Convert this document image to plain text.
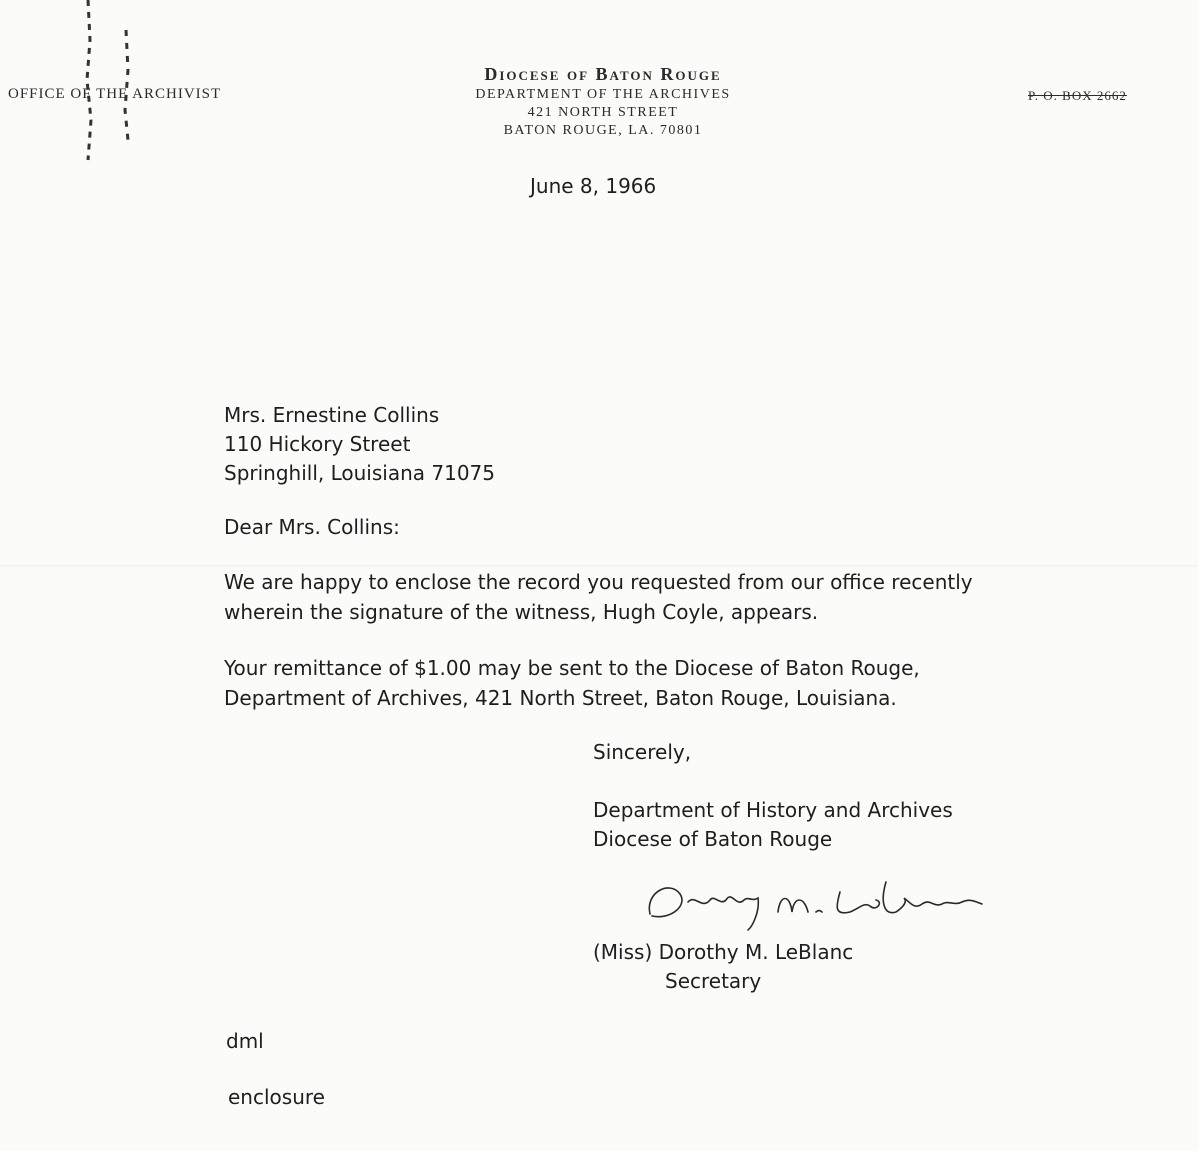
OFFICE OF THE ARCHIVIST	P. O. BOX 2662
Diocese of Baton Rouge
DEPARTMENT OF THE ARCHIVES
421 NORTH STREET
BATON ROUGE, LA. 70801
June 8, 1966
Mrs. Ernestine Collins
110 Hickory Street
Springhill, Louisiana 71075
Dear Mrs. Collins:
We are happy to enclose the record you requested from our office recently wherein the signature of the witness, Hugh Coyle, appears.
Your remittance of $1.00 may be sent to the Diocese of Baton Rouge, Department of Archives, 421 North Street, Baton Rouge, Louisiana.
Sincerely,
Department of History and Archives
Diocese of Baton Rouge
(Miss) Dorothy M. LeBlanc
Secretary
dml
enclosure
